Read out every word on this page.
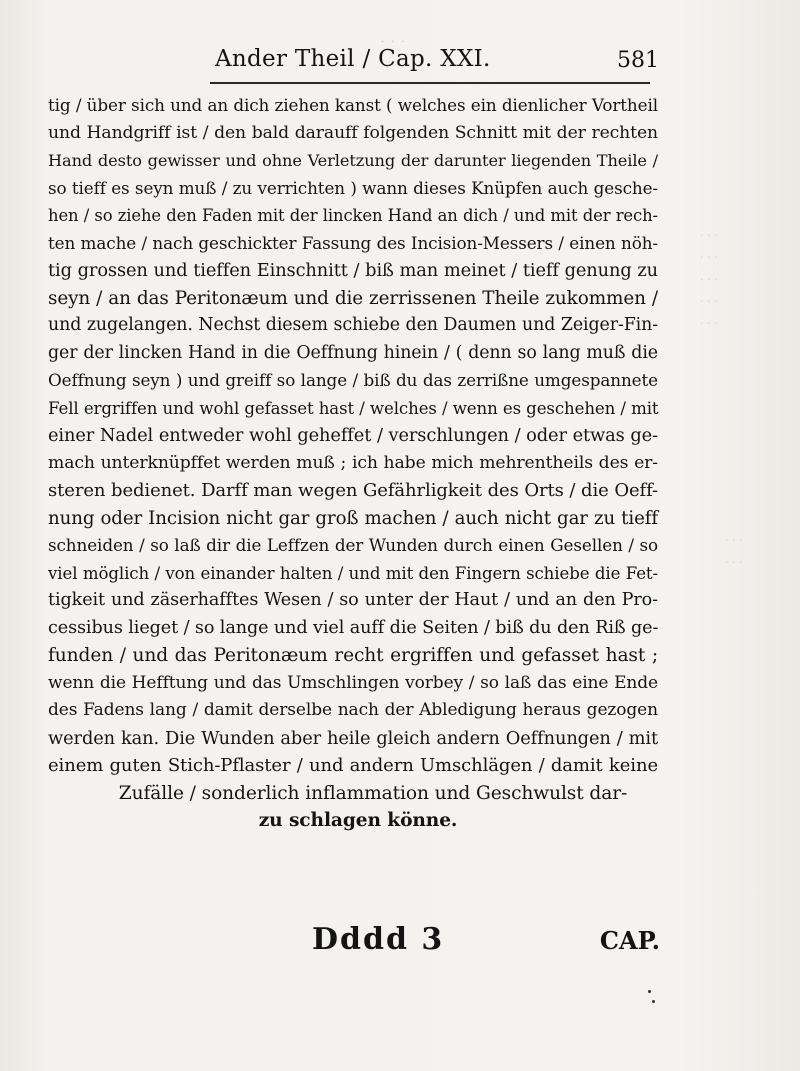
· · ·
· · ·
· · ·
· · ·
· · ·
· · ·
· · ·
· · ·
Ander Theil / Cap. XXI.	581
tig / über sich und an dich ziehen kanst ( welches ein dienlicher Vortheil
und Handgriff ist / den bald darauff folgenden Schnitt mit der rechten
Hand desto gewisser und ohne Verletzung der darunter liegenden Theile /
so tieff es seyn muß / zu verrichten ) wann dieses Knüpfen auch gesche-
hen / so ziehe den Faden mit der lincken Hand an dich / und mit der rech-
ten mache / nach geschickter Fassung des Incision-Messers / einen nöh-
tig grossen und tieffen Einschnitt / biß man meinet / tieff genung zu
seyn / an das Peritonæum und die zerrissenen Theile zukommen /
und zugelangen. Nechst diesem schiebe den Daumen und Zeiger-Fin-
ger der lincken Hand in die Oeffnung hinein / ( denn so lang muß die
Oeffnung seyn ) und greiff so lange / biß du das zerrißne umgespannete
Fell ergriffen und wohl gefasset hast / welches / wenn es geschehen / mit
einer Nadel entweder wohl geheffet / verschlungen / oder etwas ge-
mach unterknüpffet werden muß ; ich habe mich mehrentheils des er-
steren bedienet. Darff man wegen Gefährligkeit des Orts / die Oeff-
nung oder Incision nicht gar groß machen / auch nicht gar zu tieff
schneiden / so laß dir die Leffzen der Wunden durch einen Gesellen / so
viel möglich / von einander halten / und mit den Fingern schiebe die Fet-
tigkeit und zäserhafftes Wesen / so unter der Haut / und an den Pro-
cessibus lieget / so lange und viel auff die Seiten / biß du den Riß ge-
funden / und das Peritonæum recht ergriffen und gefasset hast ;
wenn die Hefftung und das Umschlingen vorbey / so laß das eine Ende
des Fadens lang / damit derselbe nach der Abledigung heraus gezogen
werden kan. Die Wunden aber heile gleich andern Oeffnungen / mit
einem guten Stich-Pflaster / und andern Umschlägen / damit keine
Zufälle / sonderlich inflammation und Geschwulst dar-
zu schlagen könne.
Dddd 3	CAP.
